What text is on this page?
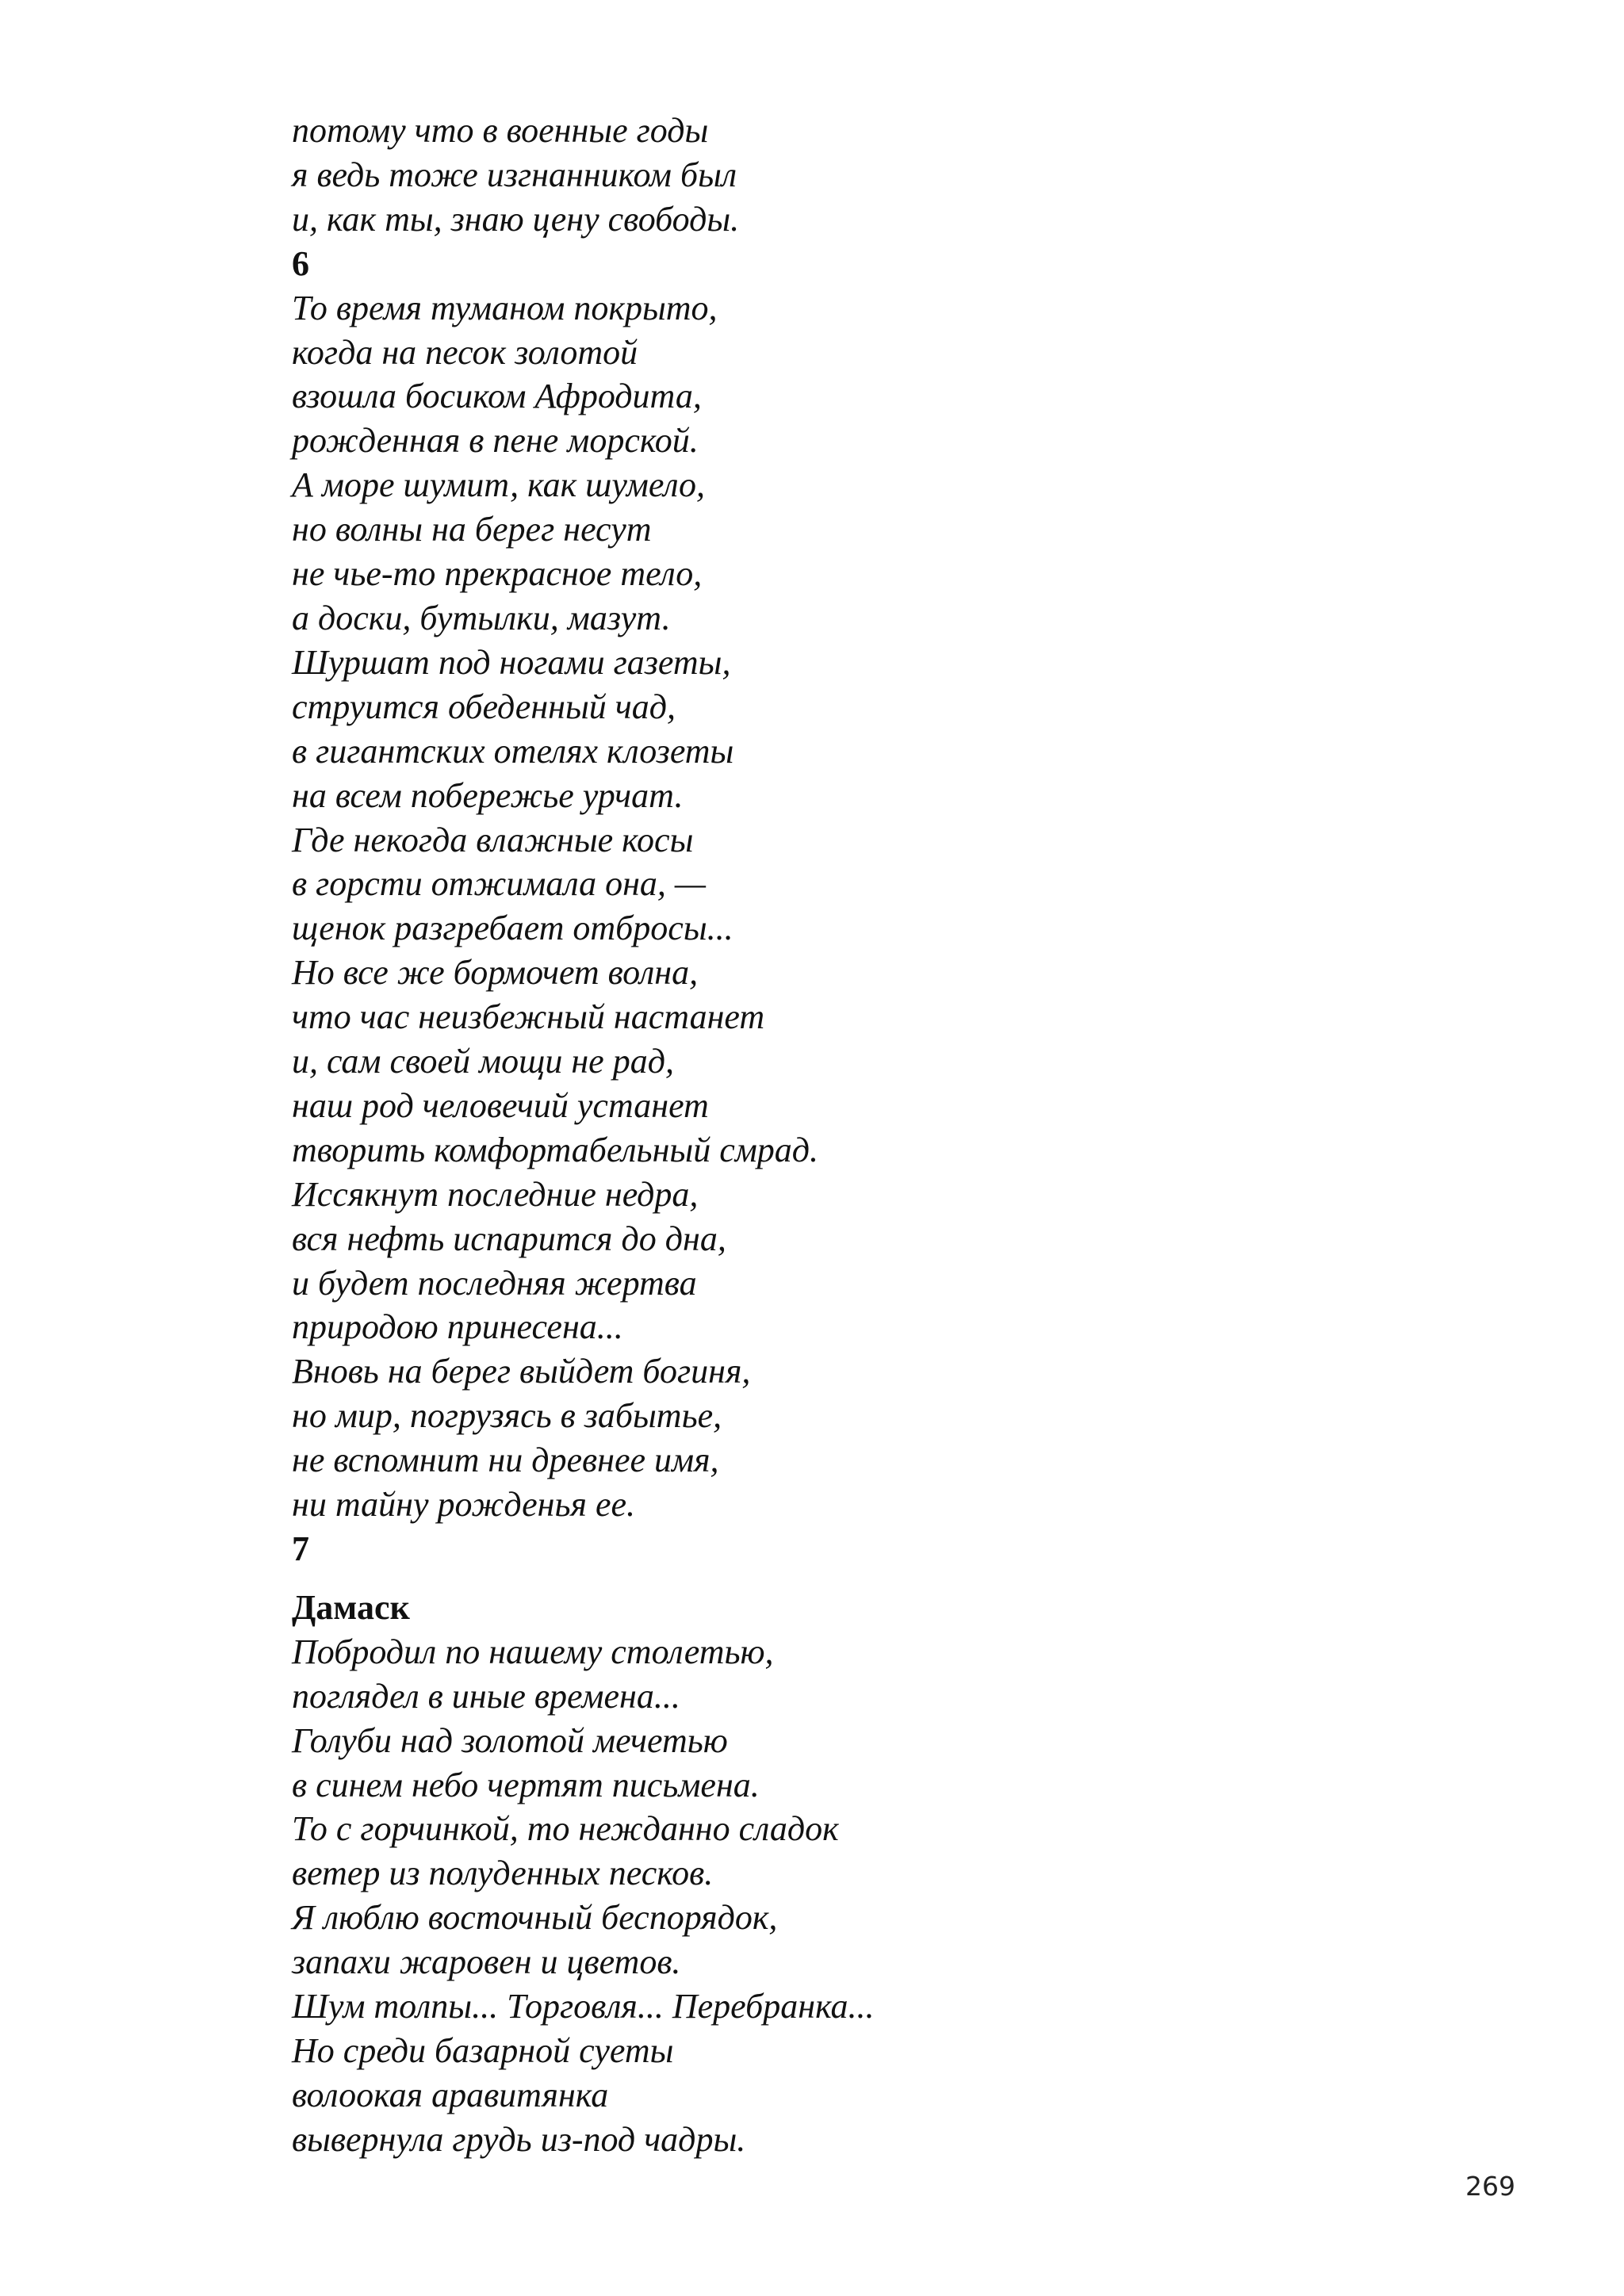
потому что в военные годы

я ведь тоже изгнанником был

и, как ты, знаю цену свободы.

6

То время туманом покрыто,

когда на песок золотой

взошла босиком Афродита,

рожденная в пене морской.

А море шумит, как шумело,

но волны на берег несут

не чье-то прекрасное тело,

а доски, бутылки, мазут.

Шуршат под ногами газеты,

струится обеденный чад,

в гигантских отелях клозеты

на всем побережье урчат.

Где некогда влажные косы

в горсти отжимала она, —

щенок разгребает отбросы...

Но все же бормочет волна,

что час неизбежный настанет

и, сам своей мощи не рад,

наш род человечий устанет

творить комфортабельный смрад.

Иссякнут последние недра,

вся нефть испарится до дна,

и будет последняя жертва

природою принесена...

Вновь на берег выйдет богиня,

но мир, погрузясь в забытье,

не вспомнит ни древнее имя,

ни тайну рожденья ее.

7

Дамаск

Побродил по нашему столетью,

поглядел в иные времена...

Голуби над золотой мечетью

в синем небо чертят письмена.

То с горчинкой, то нежданно сладок

ветер из полуденных песков.

Я люблю восточный беспорядок,

запахи жаровен и цветов.

Шум толпы... Торговля... Перебранка...

Но среди базарной суеты

волоокая аравитянка

вывернула грудь из-под чадры.

269
